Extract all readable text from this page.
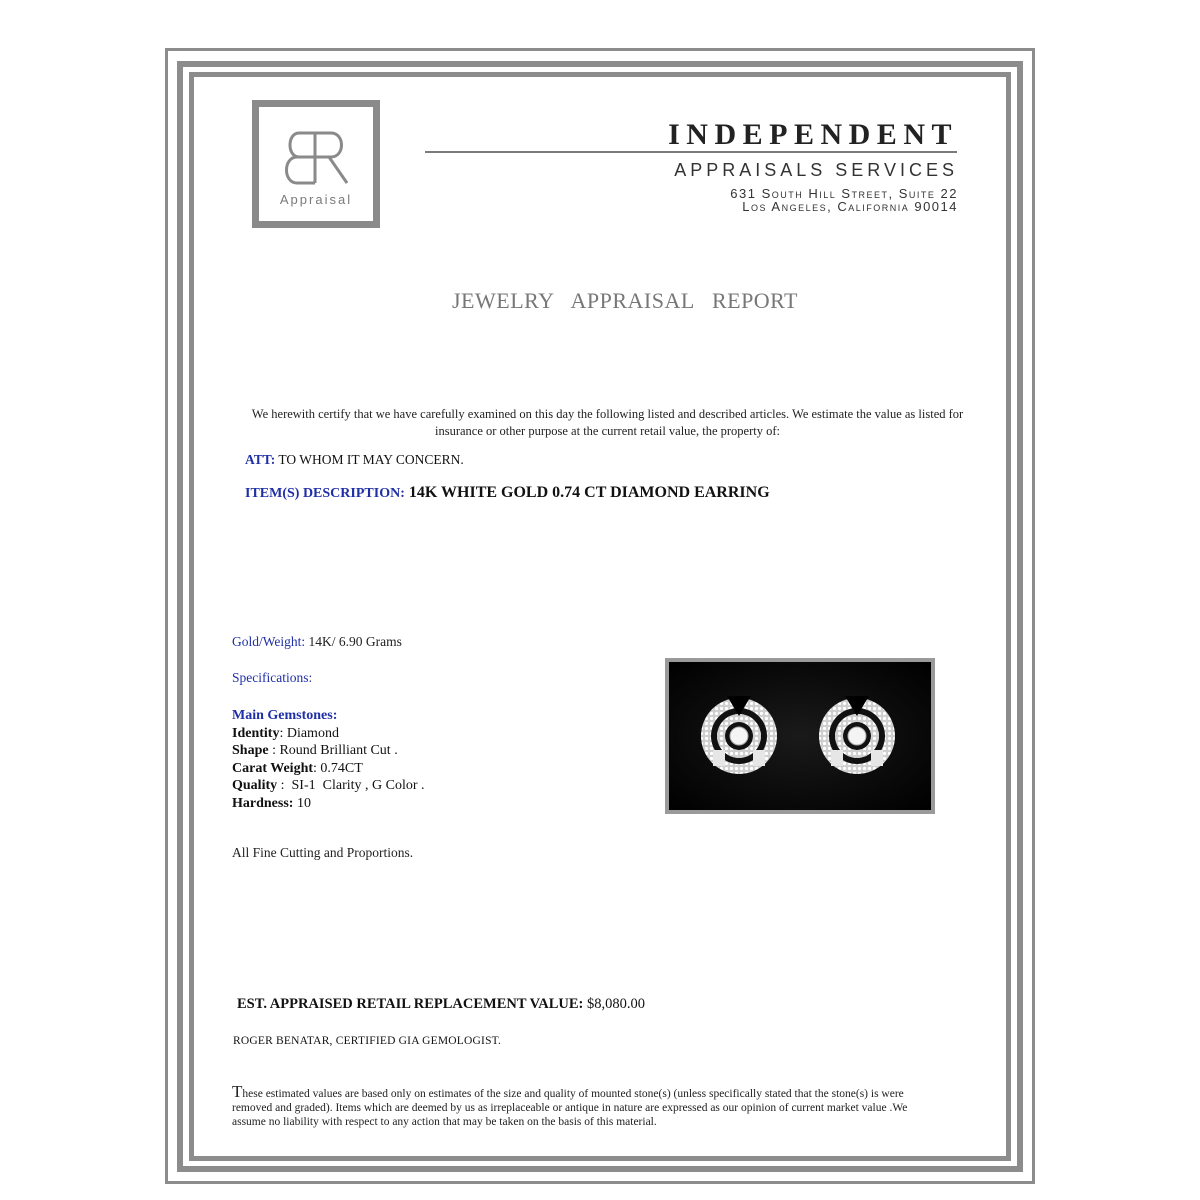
Appraisal
INDEPENDENT
APPRAISALS SERVICES
631 South Hill Street, Suite 22
Los Angeles, California 90014
JEWELRY APPRAISAL REPORT
We herewith certify that we have carefully examined on this day the following listed and described articles. We estimate the value as listed for insurance or other purpose at the current retail value, the property of:
ATT: TO WHOM IT MAY CONCERN.
ITEM(S) DESCRIPTION: 14K WHITE GOLD 0.74 CT DIAMOND EARRING
Gold/Weight: 14K/ 6.90 Grams
Specifications:
Main Gemstones:
Identity: Diamond
Shape : Round Brilliant Cut .
Carat Weight: 0.74CT
Quality :  SI-1  Clarity , G Color .
Hardness: 10
All Fine Cutting and Proportions.
EST. APPRAISED RETAIL REPLACEMENT VALUE: $8,080.00
ROGER BENATAR, CERTIFIED GIA GEMOLOGIST.
These estimated values are based only on estimates of the size and quality of mounted stone(s) (unless specifically stated that the stone(s) is were removed and graded). Items which are deemed by us as irreplaceable or antique in nature are expressed as our opinion of current market value .We assume no liability with respect to any action that may be taken on the basis of this material.
